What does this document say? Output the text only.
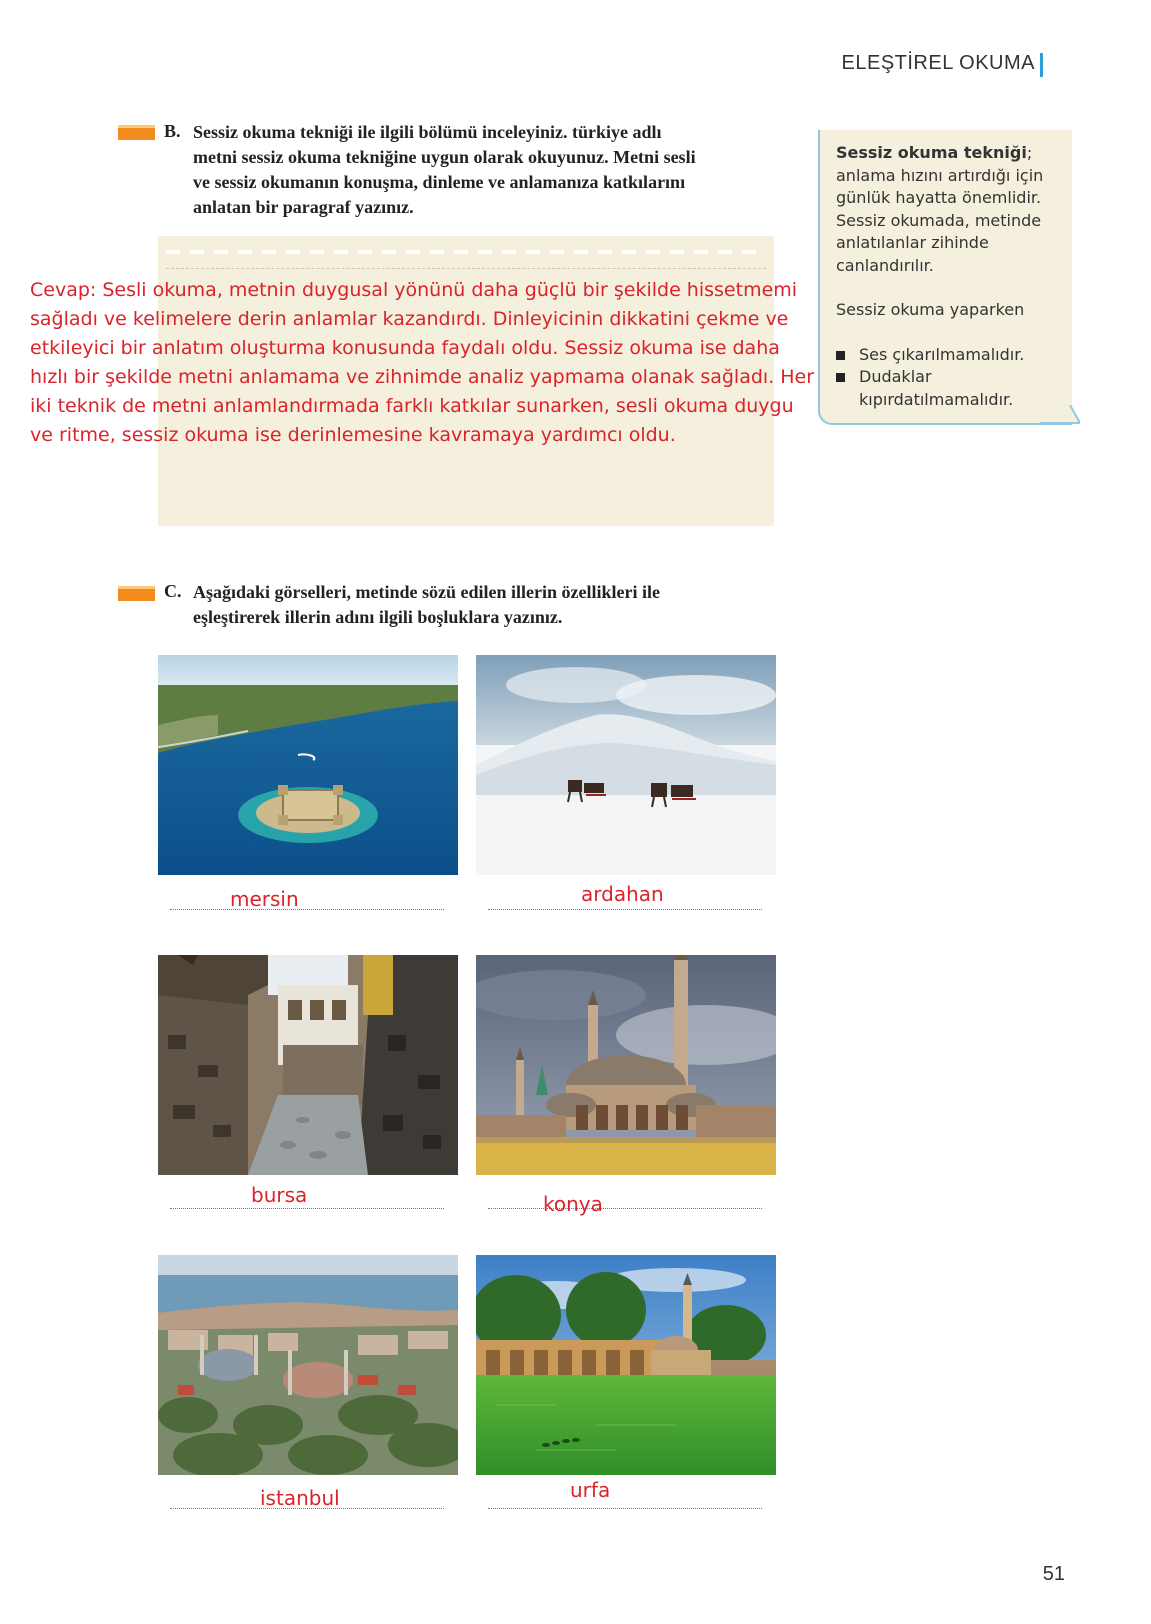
ELEŞTİREL OKUMA
B. Sessiz okuma tekniği ile ilgili bölümü inceleyiniz. türkiye adlı
metni sessiz okuma tekniğine uygun olarak okuyunuz. Metni sesli
ve sessiz okumanın konuşma, dinleme ve anlamanıza katkılarını
anlatan bir paragraf yazınız.
Cevap: Sesli okuma, metnin duygusal yönünü daha güçlü bir şekilde hissetmemi
sağladı ve kelimelere derin anlamlar kazandırdı. Dinleyicinin dikkatini çekme ve
etkileyici bir anlatım oluşturma konusunda faydalı oldu. Sessiz okuma ise daha
hızlı bir şekilde metni anlamama ve zihnimde analiz yapmama olanak sağladı. Her
iki teknik de metni anlamlandırmada farklı katkılar sunarken, sesli okuma duygu
ve ritme, sessiz okuma ise derinlemesine kavramaya yardımcı oldu.
Sessiz okuma tekniği;
anlama hızını artırdığı için
günlük hayatta önemlidir.
Sessiz okumada, metinde
anlatılanlar zihinde
canlandırılır.
Sessiz okuma yaparken
Ses çıkarılmamalıdır.
Dudaklar
kıpırdatılmamalıdır.
C. Aşağıdaki görselleri, metinde sözü edilen illerin özellikleri ile
eşleştirerek illerin adını ilgili boşluklara yazınız.
mersin	ardahan
bursa	konya
istanbul	urfa
51
